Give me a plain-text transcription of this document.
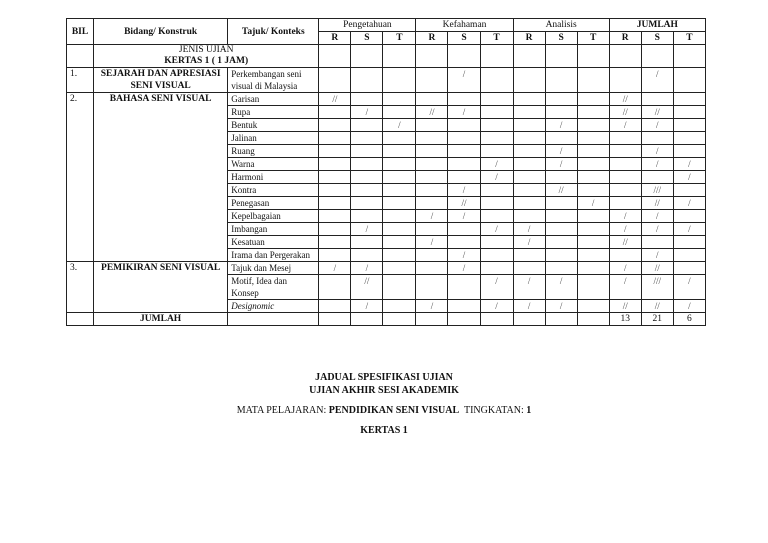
BIL	Bidang/ Konstruk	Tajuk/ Konteks	Pengetahuan			Kefahaman			Analisis			JUMLAH		
			R	S	T	R	S	T	R	S	T	R	S	T

	JENIS UJIAN
KERTAS 1 ( 1 JAM)													

1.	SEJARAH DAN APRESIASI SENI VISUAL	Perkembangan seni visual di Malaysia					/						/	
2.	BAHASA SENI VISUAL	Garisan	//									//		
		Rupa		/		//	/					//	//	
		Bentuk			/					/		/	/	
		Jalinan												
		Ruang								/			/	
		Warna						/		/			/	/
		Harmoni						/						/
		Kontra					/			//			///	
		Penegasan					//				/		//	/
		Kepelbagaian				/	/					/	/	
		Imbangan		/				/	/			/	/	/
		Kesatuan				/			/			//		
		Irama dan Pergerakan					/						/	
3.	PEMIKIRAN SENI VISUAL	Tajuk dan Mesej	/	/			/					/	//	
		Motif, Idea dan Konsep		//				/	/	/		/	///	/
		Designomic		/		/		/	/	/		//	//	/
	JUMLAH											13	21	6
JADUAL SPESIFIKASI UJIAN
UJIAN AKHIR SESI AKADEMIK
MATA PELAJARAN: PENDIDIKAN SENI VISUAL TINGKATAN: 1
KERTAS 1
